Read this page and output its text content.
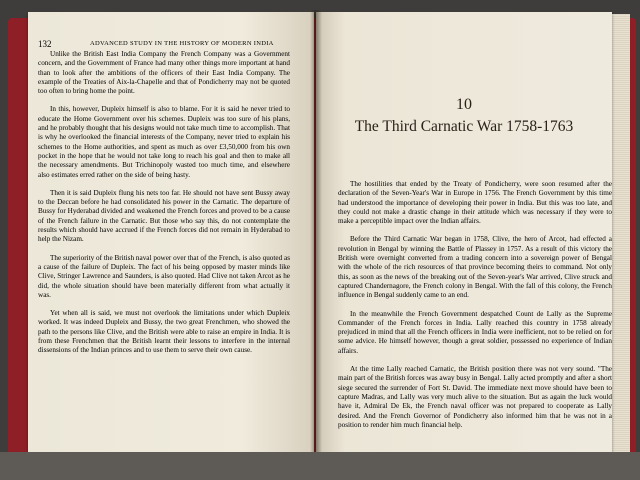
132	ADVANCED STUDY IN THE HISTORY OF MODERN INDIA

Unlike the British East India Company the French Company was a Government concern, and the Government of France had many other things more important at hand than to look after the ambitions of the officers of their East India Company. The example of the Treaties of Aix-la-Chapelle and that of Pondicherry may not be quoted too often to bring home the point.

In this, however, Dupleix himself is also to blame. For it is said he never tried to educate the Home Government over his schemes. Dupleix was too sure of his plans, and he probably thought that his designs would not take much time to accomplish. That is why he overlooked the financial interests of the Company, never tried to explain his schemes to the Home authorities, and spent as much as over £3,50,000 from his own pocket in the hope that he would not take long to reach his goal and then to make all the necessary amendments. But Trichinopoly wasted too much time, and elsewhere also estimates erred rather on the side of being hasty.

Then it is said Dupleix flung his nets too far. He should not have sent Bussy away to the Deccan before he had consolidated his power in the Carnatic. The departure of Bussy for Hyderabad divided and weakened the French forces and proved to be a cause of the French failure in the Carnatic. But those who say this, do not contemplate the results which should have accrued if the French forces did not remain in Hyderabad to help the Nizam.

The superiority of the British naval power over that of the French, is also quoted as a cause of the failure of Dupleix. The fact of his being opposed by master minds like Clive, Stringer Lawrence and Saunders, is also quoted. Had Clive not taken Arcot as he did, the whole situation should have been materially different from what actually it was.

Yet when all is said, we must not overlook the limitations under which Dupleix worked. It was indeed Dupleix and Bussy, the two great Frenchmen, who showed the path to the persons like Clive, and the British were able to raise an empire in India. It is from these Frenchmen that the British learnt their lessons to interfere in the internal dissensions of the Indian princes and to use them to serve their own cause.

10
The Third Carnatic War 1758-1763

The hostilities that ended by the Treaty of Pondicherry, were soon resumed after the declaration of the Seven-Year's War in Europe in 1756. The French Government by this time had understood the importance of developing their power in India. But this was too late, and they could not make a drastic change in their attitude which was necessary if they were to make a perceptible impact over the Indian affairs.

Before the Third Carnatic War began in 1758, Clive, the hero of Arcot, had effected a revolution in Bengal by winning the Battle of Plassey in 1757. As a result of this victory the British were overnight converted from a trading concern into a sovereign power of Bengal with the whole of the rich resources of that province becoming theirs to command. Not only this, as soon as the news of the breaking out of the Seven-year's War arrived, Clive struck and captured Chandernagore, the French colony in Bengal. With the fall of this colony, the French influence in Bengal suddenly came to an end.

In the meanwhile the French Government despatched Count de Lally as the Supreme Commander of the French forces in India. Lally reached this country in 1758 already prejudiced in mind that all the French officers in India were inefficient, not to be relied on for some advice. He himself however, though a great soldier, possessed no experience of Indian affairs.

At the time Lally reached Carnatic, the British position there was not very sound. "The main part of the British forces was away busy in Bengal. Lally acted promptly and after a short siege secured the surrender of Fort St. David. The immediate next move should have been to capture Madras, and Lally was very much alive to the situation. But as again the luck would have it, Admiral De Ek, the French naval officer was not prepared to cooperate as Lally desired. And the French Governor of Pondicherry also informed him that he was not in a position to render him much financial help.
